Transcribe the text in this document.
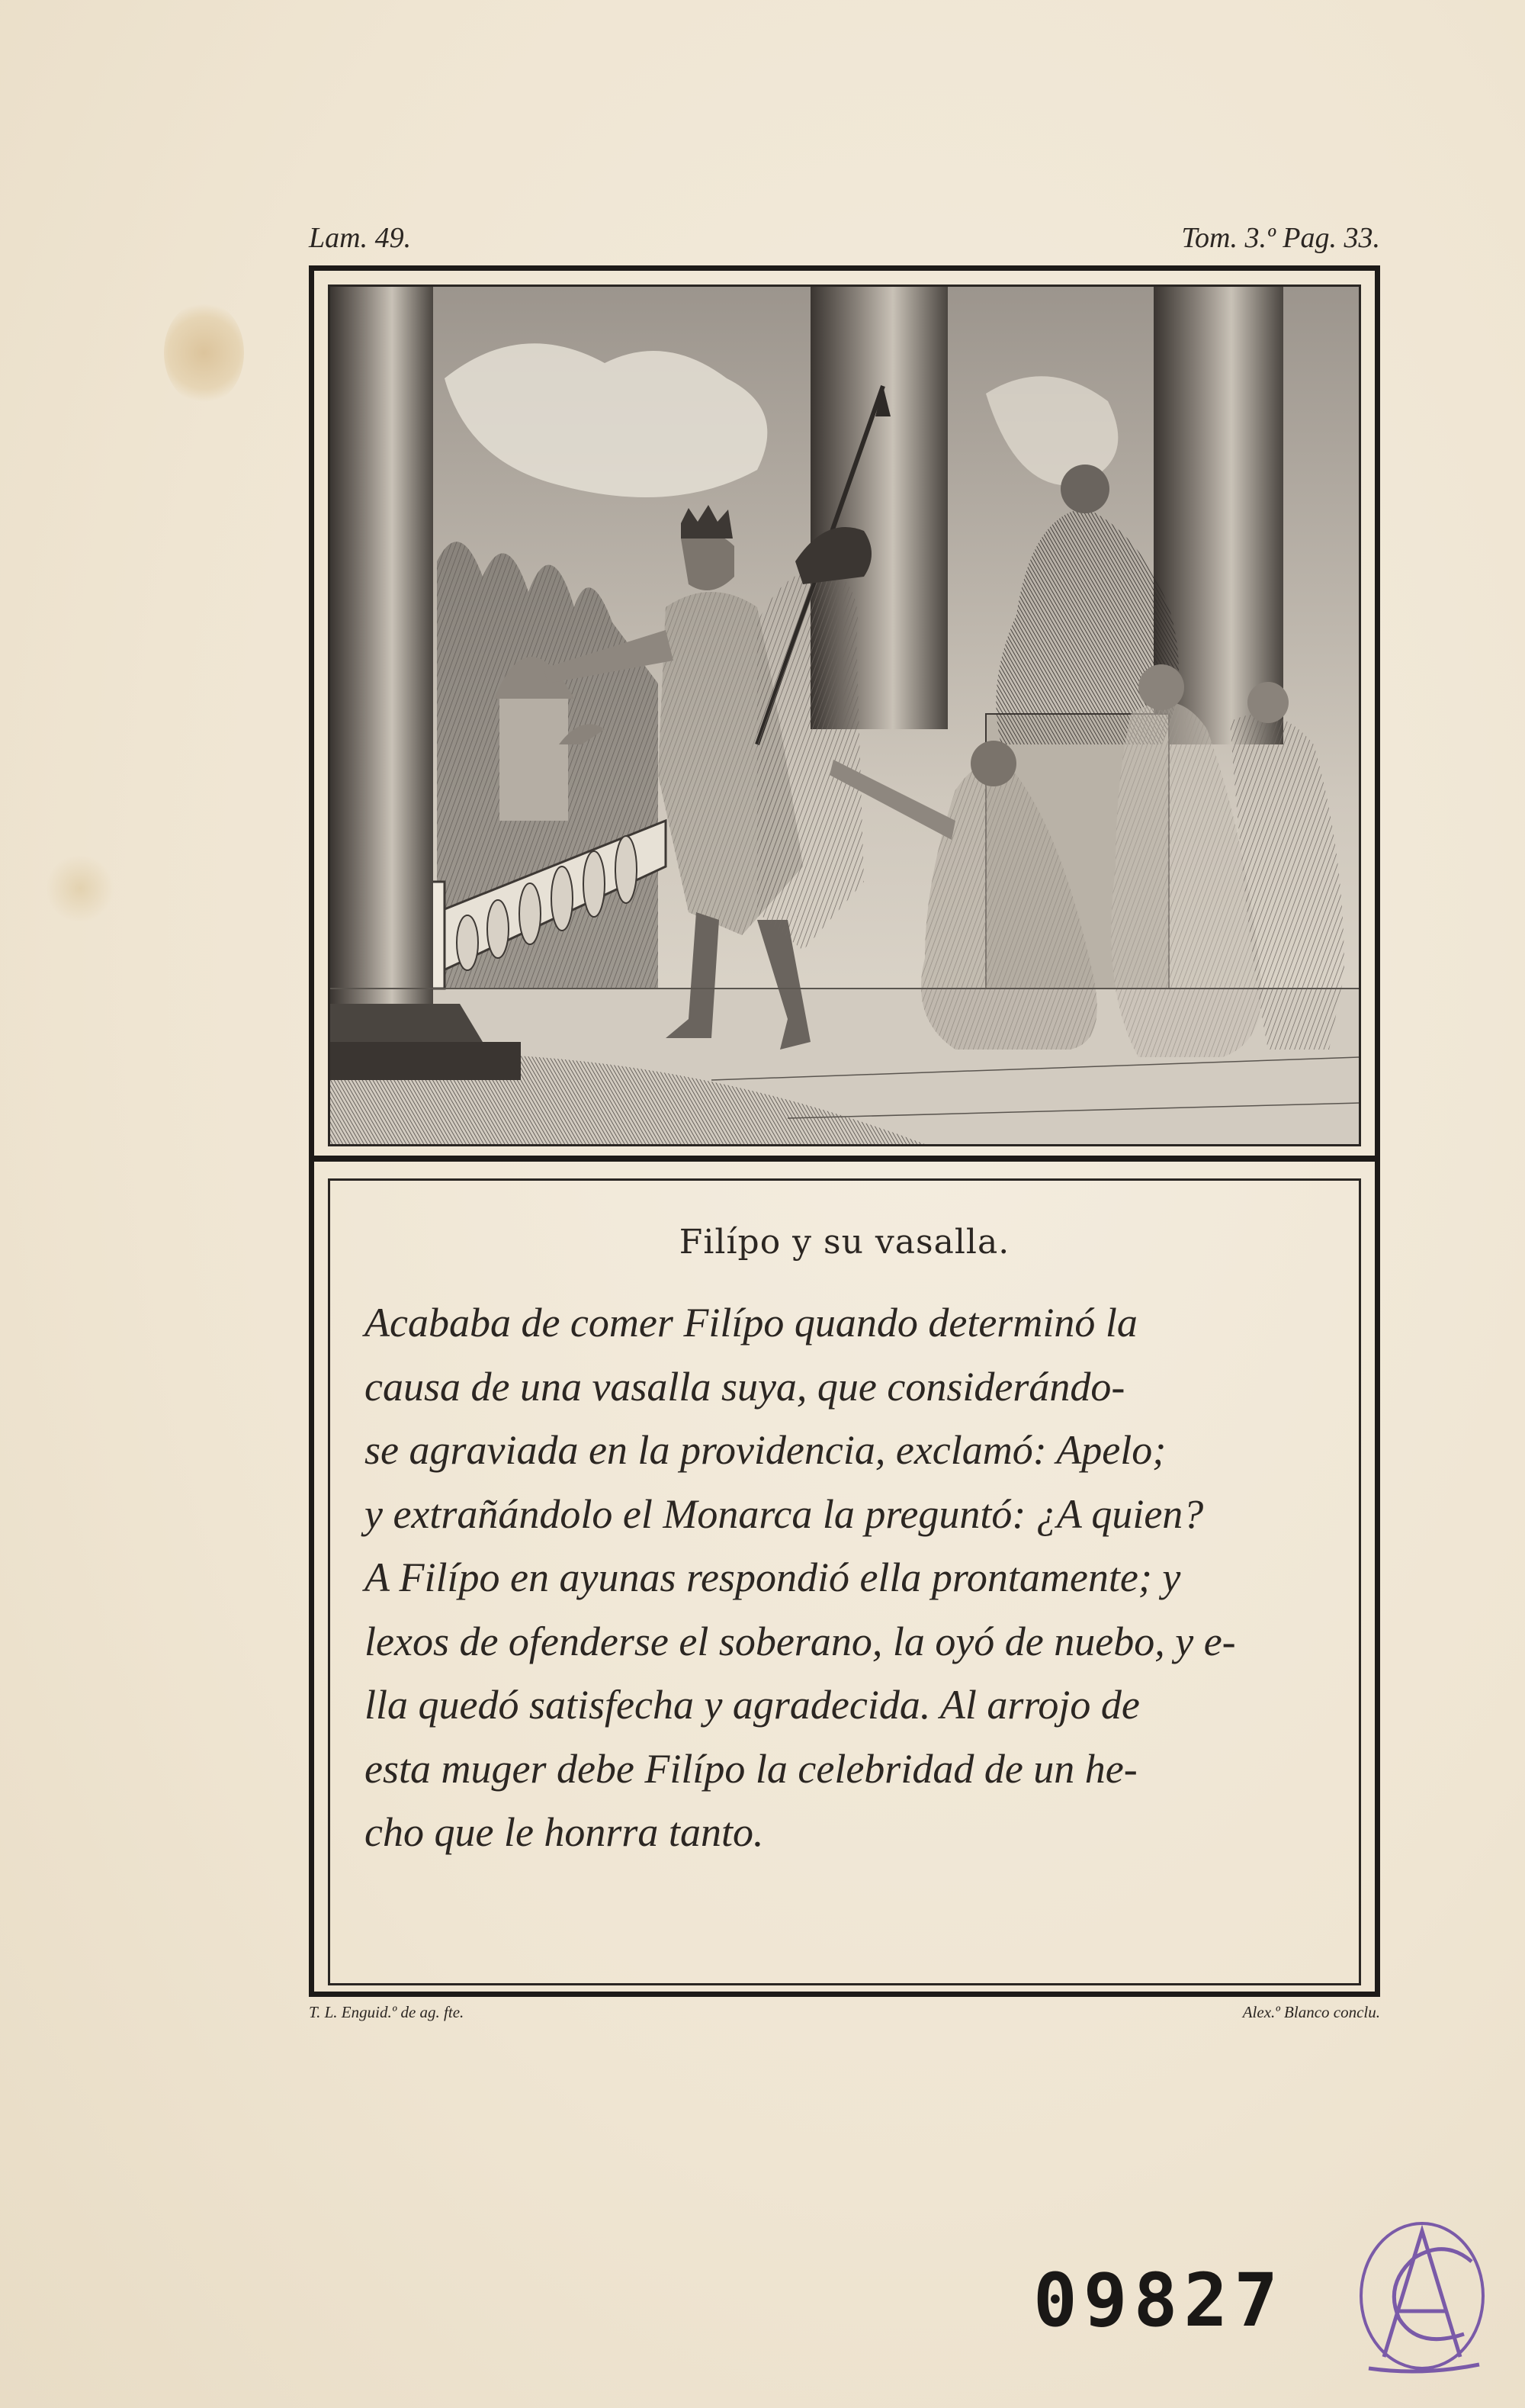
Lam. 49.	Tom. 3.º Pag. 33.
Filípo y su vasalla.
Acababa de comer Filípo quando determinó la
causa de una vasalla suya, que considerándo-
se agraviada en la providencia, exclamó: Apelo;
y extrañándolo el Monarca la preguntó: ¿A quien?
A Filípo en ayunas respondió ella prontamente; y
lexos de ofenderse el soberano, la oyó de nuebo, y e-
lla quedó satisfecha y agradecida. Al arrojo de
esta muger debe Filípo la celebridad de un he-
cho que le honrra tanto.
T. L. Enguid.º de ag. fte.	Alex.º Blanco conclu.
09827
